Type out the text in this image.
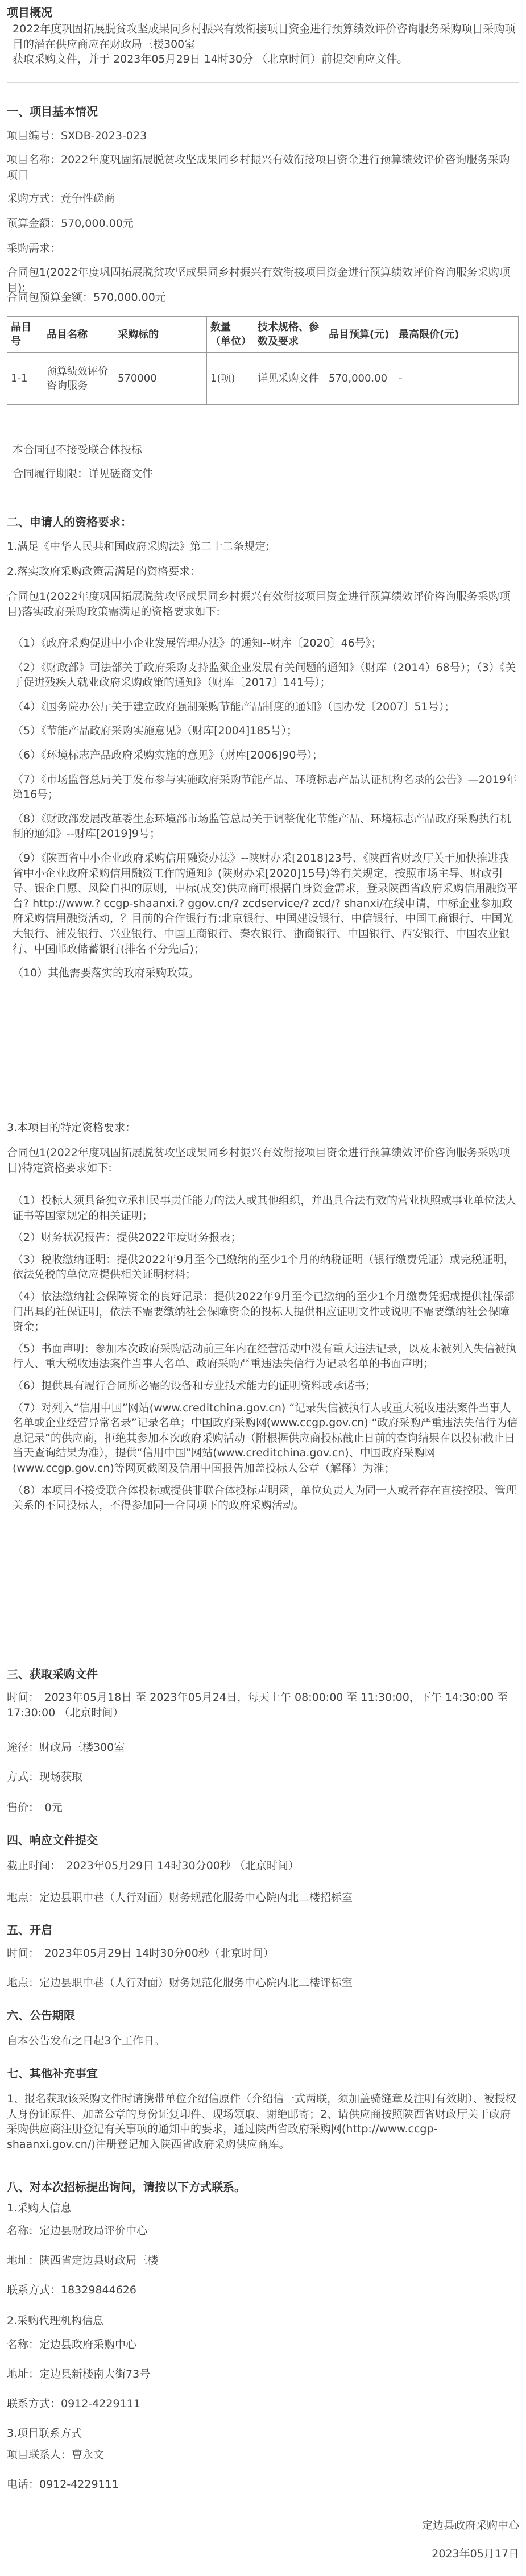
项目概况

2022年度巩固拓展脱贫攻坚成果同乡村振兴有效衔接项目资金进行预算绩效评价咨询服务采购项目采购项目的潜在供应商应在财政局三楼300室

获取采购文件，并于 2023年05月29日 14时30分 （北京时间）前提交响应文件。

一、项目基本情况
项目编号：SXDB-2023-023
项目名称：2022年度巩固拓展脱贫攻坚成果同乡村振兴有效衔接项目资金进行预算绩效评价咨询服务采购项目
采购方式：竞争性磋商
预算金额：570,000.00元
采购需求：
合同包1(2022年度巩固拓展脱贫攻坚成果同乡村振兴有效衔接项目资金进行预算绩效评价咨询服务采购项目):
合同包预算金额：570,000.00元
品目号	品目名称	采购标的	数量（单位）	技术规格、参数及要求	品目预算(元)	最高限价(元)
1-1	预算绩效评价咨询服务	570000	1(项)	详见采购文件	570,000.00	-
本合同包不接受联合体投标
合同履行期限：详见磋商文件
二、申请人的资格要求：
1.满足《中华人民共和国政府采购法》第二十二条规定;
2.落实政府采购政策需满足的资格要求：
合同包1(2022年度巩固拓展脱贫攻坚成果同乡村振兴有效衔接项目资金进行预算绩效评价咨询服务采购项目)落实政府采购政策需满足的资格要求如下:

（1）《政府采购促进中小企业发展管理办法》的通知--财库〔2020〕46号》；

（2）《财政部》司法部关于政府采购支持监狱企业发展有关问题的通知》（财库（2014）68号）；（3）《关于促进残疾人就业政府采购政策的通知》（财库〔2017〕141号）；

（4）《国务院办公厅关于建立政府强制采购节能产品制度的通知》（国办发〔2007〕51号）；

（5）《节能产品政府采购实施意见》（财库[2004]185号）；

（6）《环境标志产品政府采购实施的意见》（财库[2006]90号）；

（7）《市场监督总局关于发布参与实施政府采购节能产品、环境标志产品认证机构名录的公告》—2019年第16号；

（8）《财政部发展改革委生态环境部市场监管总局关于调整优化节能产品、环境标志产品政府采购执行机制的通知》--财库[2019]9号；

（9）《陕西省中小企业政府采购信用融资办法》--陕财办采[2018]23号、《陕西省财政厅关于加快推进我省中小企业政府采购信用融资工作的通知》(陕财办采[2020]15号)等有关规定，按照市场主导、财政引导、银企自愿、风险自担的原则，中标(成交)供应商可根据自身资金需求，登录陕西省政府采购信用融资平台? http://www.? ccgp-shaanxi.? ggov.cn/? zcdservice/? zcd/? shanxi/在线申请，中标企业参加政府采购信用融资活动，？目前的合作银行有:北京银行、中国建设银行、中信银行、中国工商银行、中国光大银行、浦发银行、兴业银行、中国工商银行、秦农银行、浙商银行、中国银行、西安银行、中国农业银行、中国邮政储蓄银行(排名不分先后)；

（10）其他需要落实的政府采购政策。

3.本项目的特定资格要求：
合同包1(2022年度巩固拓展脱贫攻坚成果同乡村振兴有效衔接项目资金进行预算绩效评价咨询服务采购项目)特定资格要求如下:

（1）投标人须具备独立承担民事责任能力的法人或其他组织，并出具合法有效的营业执照或事业单位法人证书等国家规定的相关证明；

（2）财务状况报告：提供2022年度财务报表；

（3）税收缴纳证明：提供2022年9月至今已缴纳的至少1个月的纳税证明（银行缴费凭证）或完税证明，依法免税的单位应提供相关证明材料；

（4）依法缴纳社会保障资金的良好记录：提供2022年9月至今已缴纳的至少1个月缴费凭据或提供社保部门出具的社保证明，依法不需要缴纳社会保障资金的投标人提供相应证明文件或说明不需要缴纳社会保障资金；

（5）书面声明：参加本次政府采购活动前三年内在经营活动中没有重大违法记录，以及未被列入失信被执行人、重大税收违法案件当事人名单、政府采购严重违法失信行为记录名单的书面声明；

（6）提供具有履行合同所必需的设备和专业技术能力的证明资料或承诺书；

（7）对列入“信用中国”网站(www.creditchina.gov.cn) “记录失信被执行人或重大税收违法案件当事人名单或企业经营异常名录”记录名单；中国政府采购网(www.ccgp.gov.cn) “政府采购严重违法失信行为信息记录”的供应商，拒绝其参加本次政府采购活动（附根据供应商投标截止日前的查询结果在以投标截止日当天查询结果为准），提供“信用中国”网站(www.creditchina.gov.cn)、中国政府采购网(www.ccgp.gov.cn)等网页截图及信用中国报告加盖投标人公章（解释）为准；

（8）本项目不接受联合体投标或提供非联合体投标声明函，单位负责人为同一人或者存在直接控股、管理关系的不同投标人，不得参加同一合同项下的政府采购活动。

三、获取采购文件
时间：　2023年05月18日 至 2023年05月24日，每天上午 08:00:00 至 11:30:00，下午 14:30:00 至 17:30:00 （北京时间）
途径：财政局三楼300室
方式：现场获取
售价：　0元
四、响应文件提交
截止时间：　2023年05月29日 14时30分00秒 （北京时间）
地点：定边县职中巷（人行对面）财务规范化服务中心院内北二楼招标室
五、开启
时间：　2023年05月29日 14时30分00秒（北京时间）
地点：定边县职中巷（人行对面）财务规范化服务中心院内北二楼评标室
六、公告期限
自本公告发布之日起3个工作日。
七、其他补充事宜
1、报名获取该采购文件时请携带单位介绍信原件（介绍信一式两联，须加盖骑缝章及注明有效期）、被授权人身份证原件、加盖公章的身份证复印件、现场领取、谢绝邮寄；2、请供应商按照陕西省财政厅关于政府采购供应商注册登记有关事项的通知中的要求，通过陕西省政府采购网(http://www.ccgp-shaanxi.gov.cn/)注册登记加入陕西省政府采购供应商库。
八、对本次招标提出询问，请按以下方式联系。
1.采购人信息
名称：定边县财政局评价中心
地址：陕西省定边县财政局三楼
联系方式：18329844626
2.采购代理机构信息
名称：定边县政府采购中心
地址：定边县新楼南大街73号
联系方式：0912-4229111
3.项目联系方式
项目联系人：曹永文
电话：0912-4229111
定边县政府采购中心
2023年05月17日
